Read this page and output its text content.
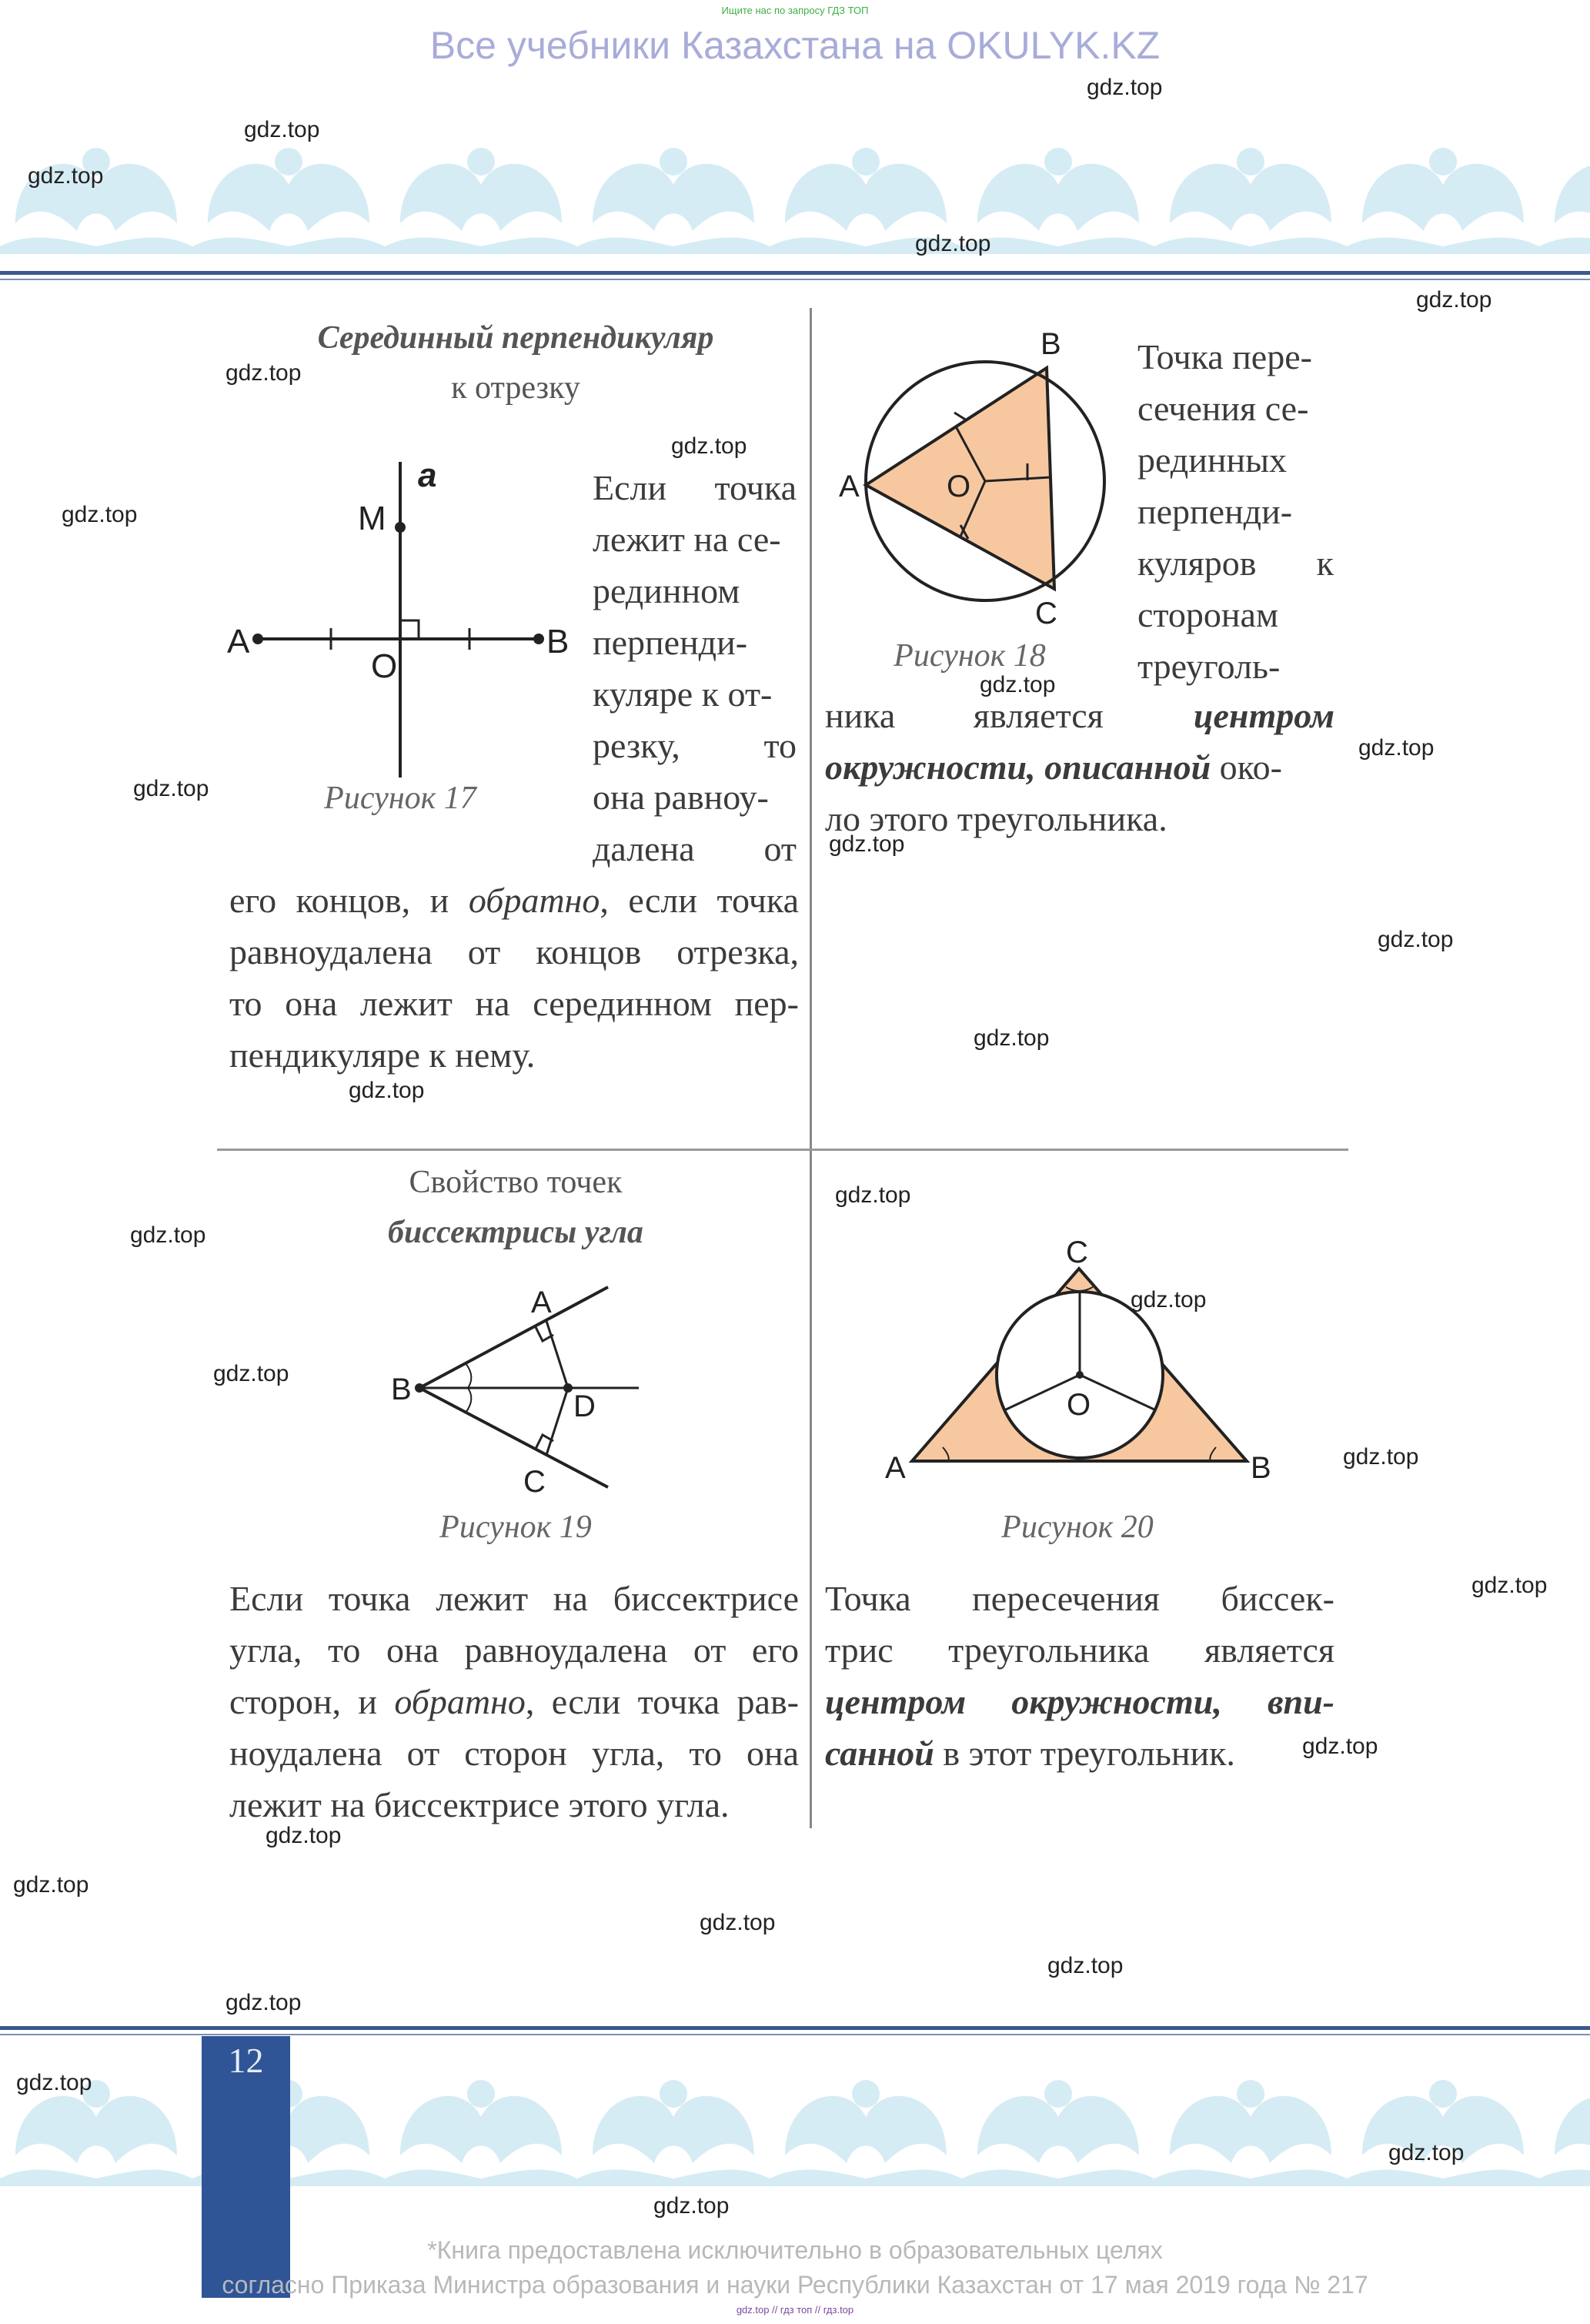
Ищите нас по запросу ГДЗ ТОП
Все учебники Казахстана на OKULYK.KZ
Серединный перпендикуляр
к отрезку
a
M
A
O
B
Рисунок 17
Если точка
лежит на се-
рединном
перпенди-
куляре к от-
резку, то
она равноу-
далена от
его концов, и обратно, если точка
равноудалена от концов отрезка,
то она лежит на серединном пер-
пендикуляре к нему.
A
B
C
O
Рисунок 18
Точка пере-
сечения се-
рединных
перпенди-
куляров к
сторонам
треуголь-
ника является	центром
окружности, описанной око-
ло этого треугольника.
Свойство точек
биссектрисы угла
A
B
C
D
Рисунок 19
Если точка лежит на биссектрисе
угла, то она равноудалена от его
сторон, и обратно, если точка рав-
ноудалена от сторон угла, то она
лежит на биссектрисе этого угла.
C
A	B
O
Рисунок 20
Точка пересечения биссек-
трис треугольника является
центром окружности, впи-
санной в этот треугольник.
12
*Книга предоставлена исключительно в образовательных целях
согласно Приказа Министра образования и науки Республики Казахстан от 17 мая 2019 года № 217
gdz.top // гдз топ // гдз.top
gdz.top
gdz.top
gdz.top
gdz.top
gdz.top
gdz.top
gdz.top
gdz.top
gdz.top
gdz.top
gdz.top
gdz.top
gdz.top
gdz.top
gdz.top
gdz.top
gdz.top
gdz.top
gdz.top
gdz.top
gdz.top
gdz.top
gdz.top
gdz.top
gdz.top
gdz.top
gdz.top
gdz.top
gdz.top
gdz.top
